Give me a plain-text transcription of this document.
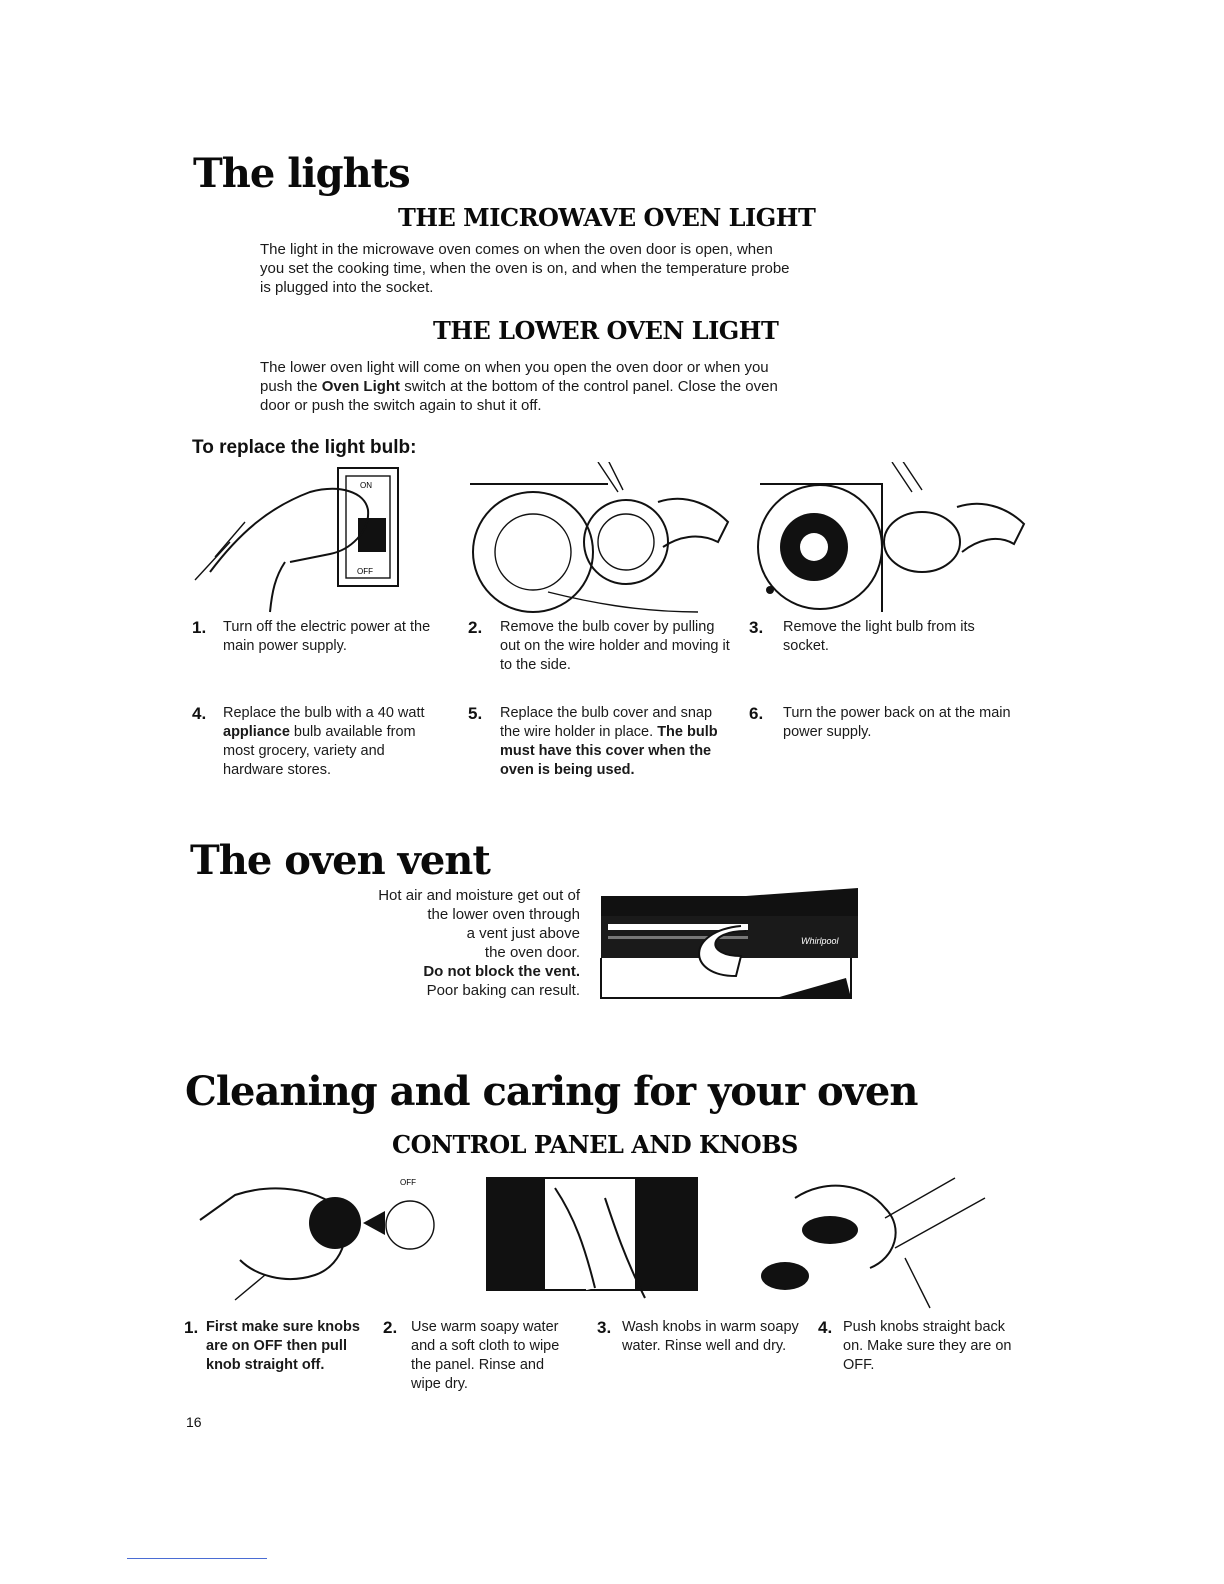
The lights
THE MICROWAVE OVEN LIGHT
The light in the microwave oven comes on when the oven door is open, when
you set the cooking time, when the oven is on, and when the temperature probe
is plugged into the socket.
THE LOWER OVEN LIGHT
The lower oven light will come on when you open the oven door or when you
push the Oven Light switch at the bottom of the control panel. Close the oven
door or push the switch again to shut it off.
To replace the light bulb:
ON
OFF
1. Turn off the electric power at the main power supply.
2. Remove the bulb cover by pulling out on the wire holder and moving it to the side.
3. Remove the light bulb from its socket.
4. Replace the bulb with a 40 watt appliance bulb available from most grocery, variety and hardware stores.
5. Replace the bulb cover and snap the wire holder in place. The bulb must have this cover when the oven is being used.
6. Turn the power back on at the main power supply.
The oven vent
Hot air and moisture get out of
the lower oven through
a vent just above
the oven door.
Do not block the vent.
Poor baking can result.
Whirlpool
Cleaning and caring for your oven
CONTROL PANEL AND KNOBS
OFF
1. First make sure knobs are on OFF then pull knob straight off.
2. Use warm soapy water and a soft cloth to wipe the panel. Rinse and wipe dry.
3. Wash knobs in warm soapy water. Rinse well and dry.
4. Push knobs straight back on. Make sure they are on OFF.
16
